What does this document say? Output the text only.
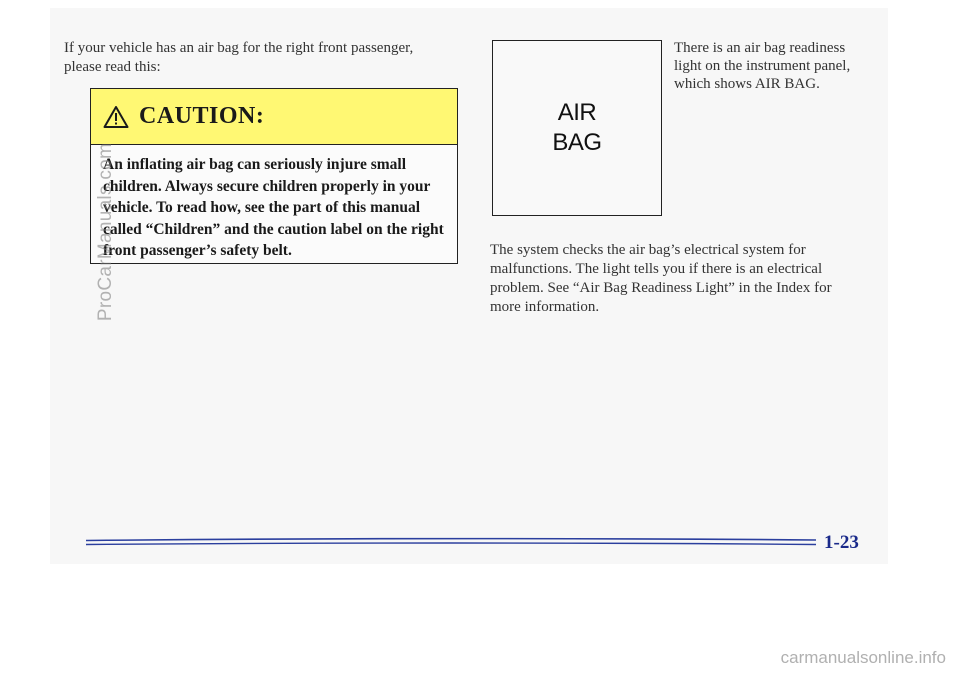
If your vehicle has an air bag for the right front passenger, please read this:

CAUTION:

An inflating air bag can seriously injure small children. Always secure children properly in your vehicle. To read how, see the part of this manual called “Children” and the caution label on the right front passenger’s safety belt.

AIR
BAG

There is an air bag readiness light on the instrument panel, which shows AIR BAG.

The system checks the air bag’s electrical system for malfunctions. The light tells you if there is an electrical problem. See “Air Bag Readiness Light” in the Index for more information.

1-23
ProCarManuals.com
carmanualsonline.info
